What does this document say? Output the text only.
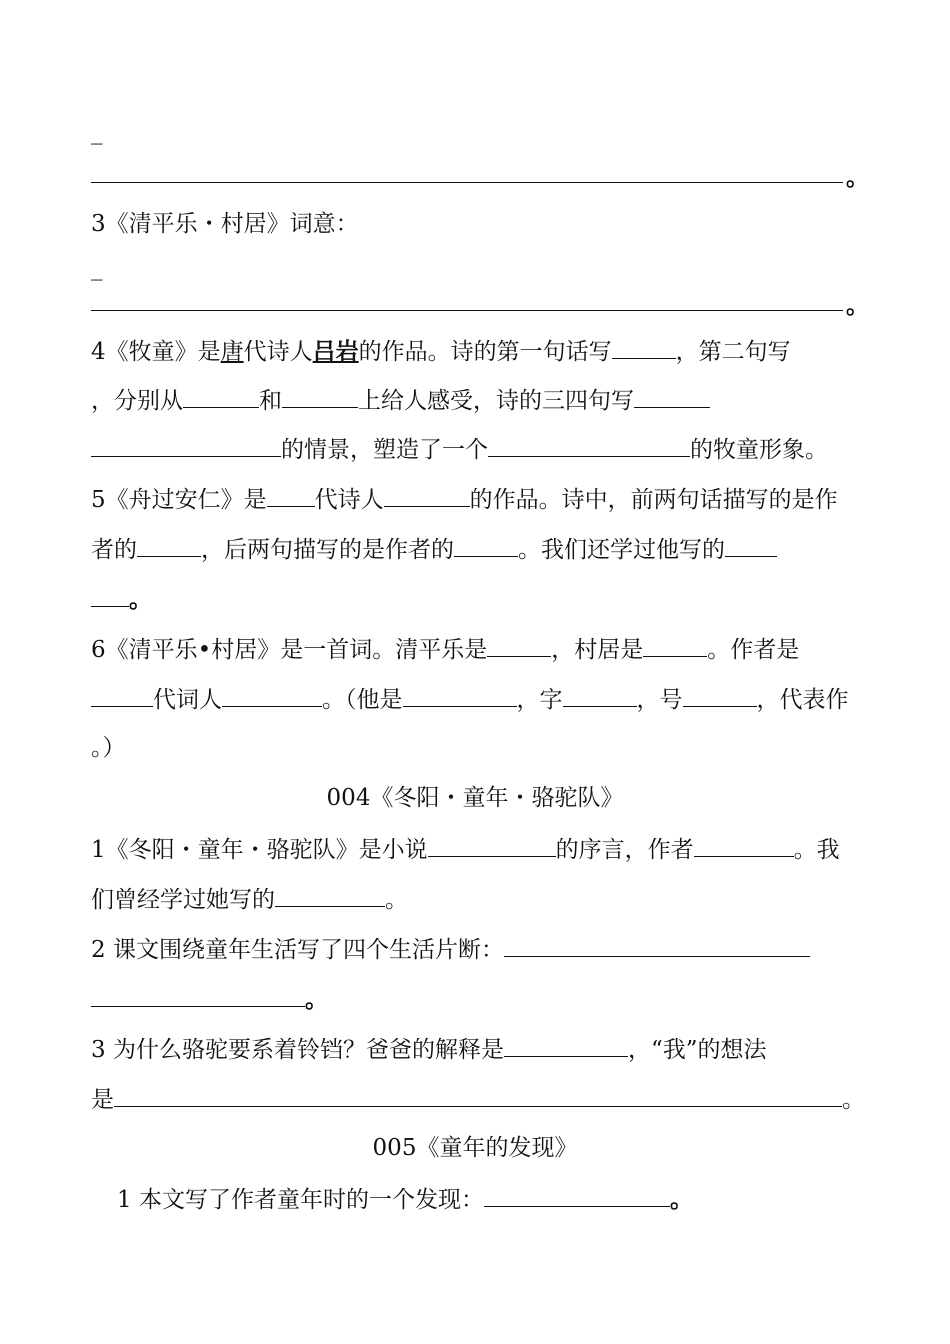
_
。
3《清平乐・村居》词意：
_
。
4《牧童》是唐代诗人吕岩的作品。诗的第一句话写	，第二句写
，分别从	和	上给人感受，诗的三四句写
的情景，塑造了一个	的牧童形象。
5《舟过安仁》是 代诗人	的作品。诗中，前两句话描写的是作
者的	，后两句描写的是作者的	。我们还学过他写的
。
6《清平乐•村居》是一首词。清平乐是	，村居是	。作者是
代词人	。（他是	，字	，号	，代表作
。）
004《冬阳・童年・骆驼队》
1《冬阳・童年・骆驼队》是小说	的序言，作者	。我
们曾经学过她写的	。
2 课文围绕童年生活写了四个生活片断：
。
3 为什么骆驼要系着铃铛？爸爸的解释是	，“我”的想法
是	。
005《童年的发现》
1 本文写了作者童年时的一个发现：	。
